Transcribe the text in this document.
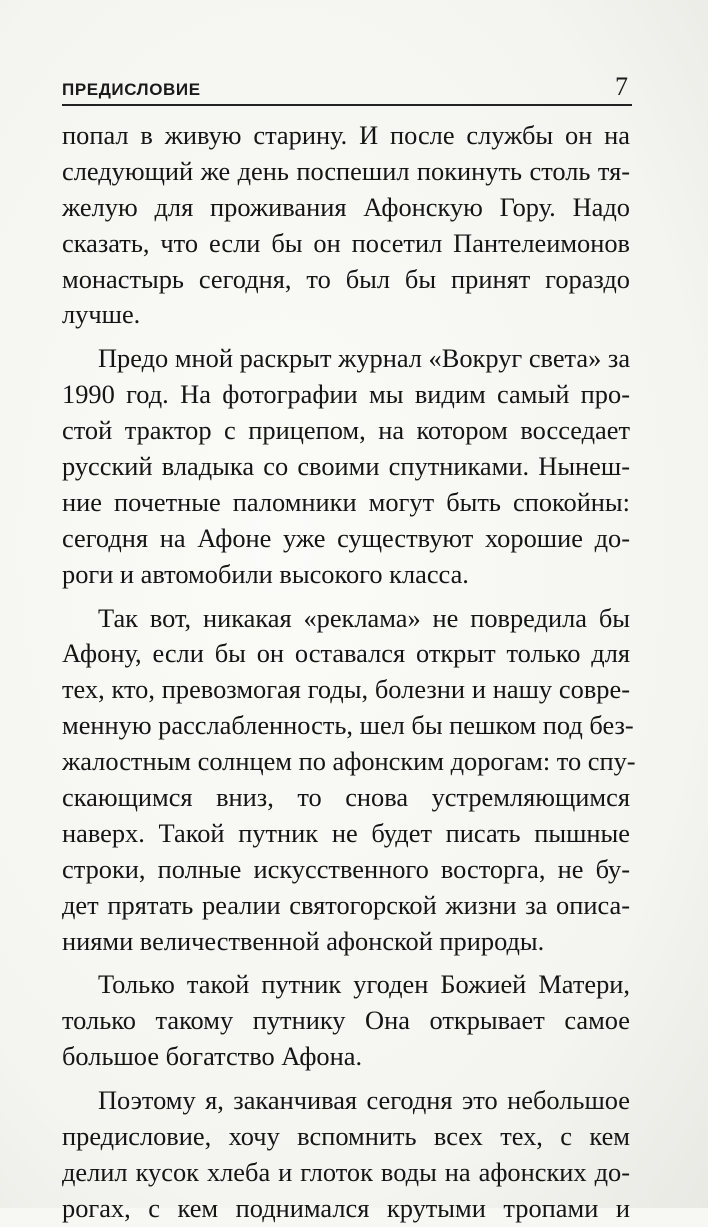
ПРЕДИСЛОВИЕ	7
попал в живую старину. И после службы он на
следующий же день поспешил покинуть столь тя-
желую для проживания Афонскую Гору. Надо
сказать, что если бы он посетил Пантелеимонов
монастырь сегодня, то был бы принят гораздо
лучше.
Предо мной раскрыт журнал «Вокруг света» за
1990 год. На фотографии мы видим самый про-
стой трактор с прицепом, на котором восседает
русский владыка со своими спутниками. Нынеш-
ние почетные паломники могут быть спокойны:
сегодня на Афоне уже существуют хорошие до-
роги и автомобили высокого класса.
Так вот, никакая «реклама» не повредила бы
Афону, если бы он оставался открыт только для
тех, кто, превозмогая годы, болезни и нашу совре-
менную расслабленность, шел бы пешком под без-
жалостным солнцем по афонским дорогам: то спу-
скающимся вниз, то снова устремляющимся
наверх. Такой путник не будет писать пышные
строки, полные искусственного восторга, не бу-
дет прятать реалии святогорской жизни за описа-
ниями величественной афонской природы.
Только такой путник угоден Божией Матери,
только такому путнику Она открывает самое
большое богатство Афона.
Поэтому я, заканчивая сегодня это небольшое
предисловие, хочу вспомнить всех тех, с кем
делил кусок хлеба и глоток воды на афонских до-
рогах, с кем поднимался крутыми тропами и
